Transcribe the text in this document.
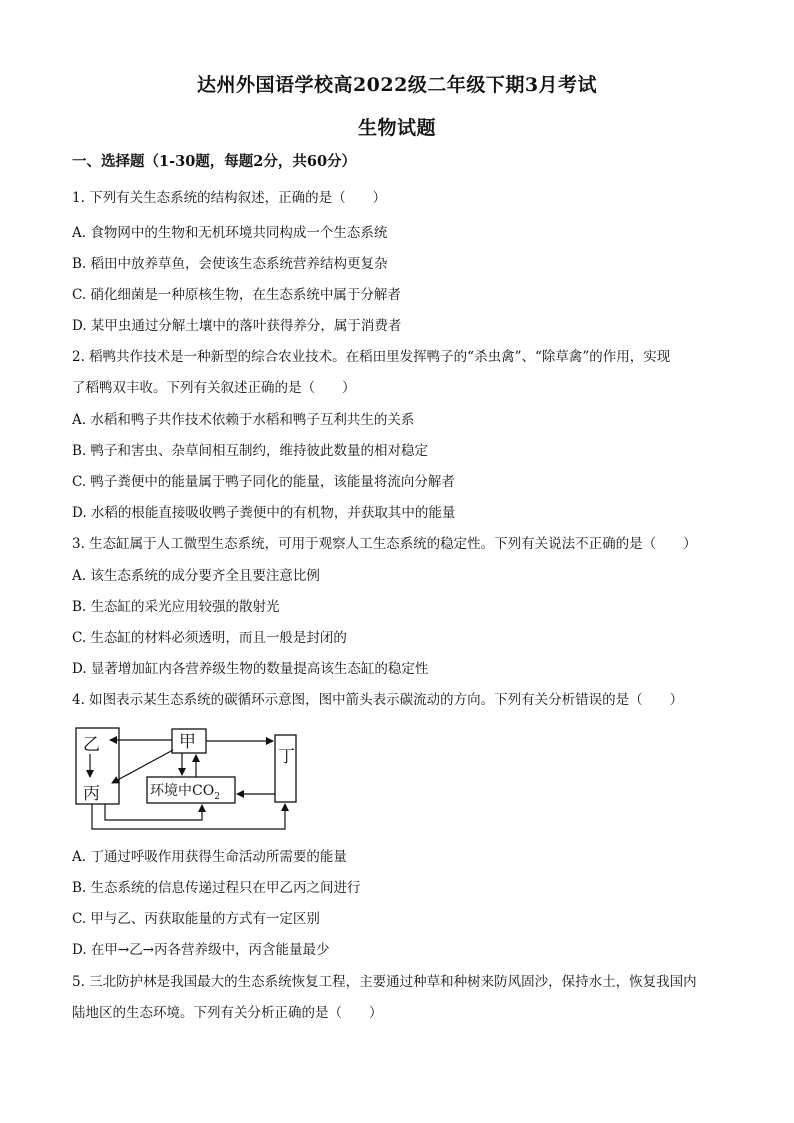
达州外国语学校高2022级二年级下期3月考试
生物试题
一、选择题（1-30题，每题2分，共60分）
1. 下列有关生态系统的结构叙述，正确的是（　　）
A. 食物网中的生物和无机环境共同构成一个生态系统
B. 稻田中放养草鱼，会使该生态系统营养结构更复杂
C. 硝化细菌是一种原核生物，在生态系统中属于分解者
D. 某甲虫通过分解土壤中的落叶获得养分，属于消费者
2. 稻鸭共作技术是一种新型的综合农业技术。在稻田里发挥鸭子的“杀虫禽”、“除草禽”的作用，实现
了稻鸭双丰收。下列有关叙述正确的是（　　）
A. 水稻和鸭子共作技术依赖于水稻和鸭子互利共生的关系
B. 鸭子和害虫、杂草间相互制约，维持彼此数量的相对稳定
C. 鸭子粪便中的能量属于鸭子同化的能量，该能量将流向分解者
D. 水稻的根能直接吸收鸭子粪便中的有机物，并获取其中的能量
3. 生态缸属于人工微型生态系统，可用于观察人工生态系统的稳定性。下列有关说法不正确的是（　　）
A. 该生态系统的成分要齐全且要注意比例
B. 生态缸的采光应用较强的散射光
C. 生态缸的材料必须透明，而且一般是封闭的
D. 显著增加缸内各营养级生物的数量提高该生态缸的稳定性
4. 如图表示某生态系统的碳循环示意图，图中箭头表示碳流动的方向。下列有关分析错误的是（　　）
乙
丙
甲
丁
环境中$CO_2$
A. 丁通过呼吸作用获得生命活动所需要的能量
B. 生态系统的信息传递过程只在甲乙丙之间进行
C. 甲与乙、丙获取能量的方式有一定区别
D. 在甲→乙→丙各营养级中，丙含能量最少
5. 三北防护林是我国最大的生态系统恢复工程，主要通过种草和种树来防风固沙，保持水土，恢复我国内
陆地区的生态环境。下列有关分析正确的是（　　）
